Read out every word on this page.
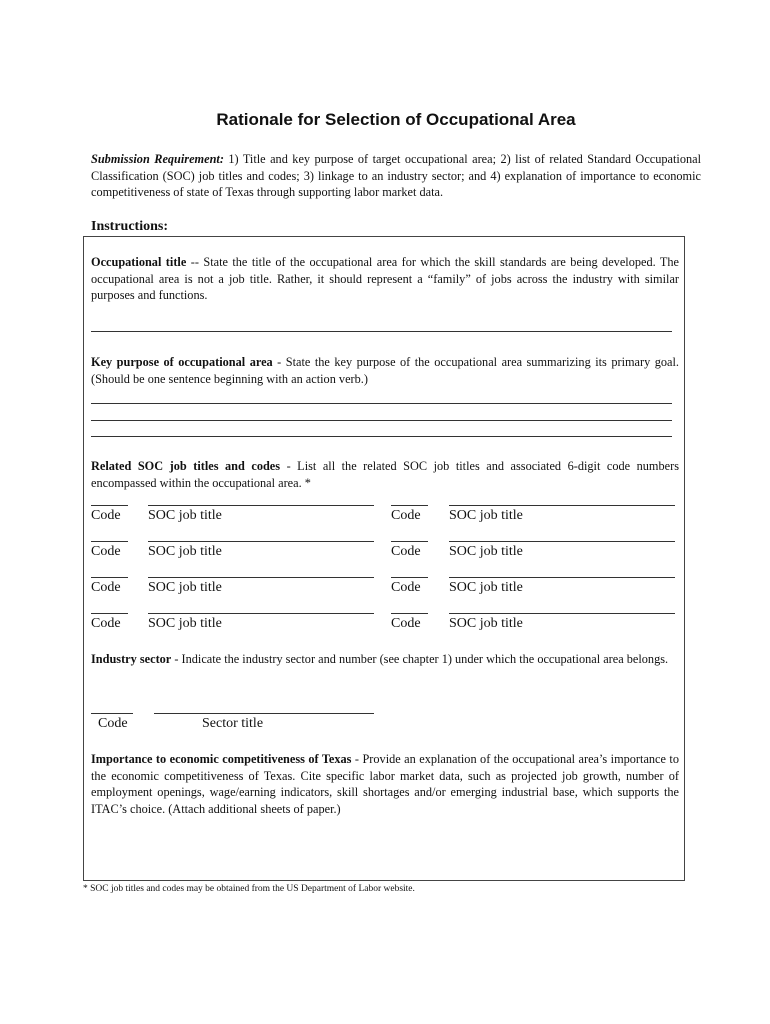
Rationale for Selection of Occupational Area
Submission Requirement: 1) Title and key purpose of target occupational area; 2) list of related Standard Occupational Classification (SOC) job titles and codes; 3) linkage to an industry sector; and 4) explanation of importance to economic competitiveness of state of Texas through supporting labor market data.
Instructions:
Occupational title -- State the title of the occupational area for which the skill standards are being developed. The occupational area is not a job title. Rather, it should represent a “family” of jobs across the industry with similar purposes and functions.
Key purpose of occupational area - State the key purpose of the occupational area summarizing its primary goal. (Should be one sentence beginning with an action verb.)
Related SOC job titles and codes - List all the related SOC job titles and associated 6-digit code numbers encompassed within the occupational area. *
Code SOC job title	Code SOC job title
Code SOC job title	Code SOC job title
Code SOC job title	Code SOC job title
Code SOC job title	Code SOC job title
Industry sector - Indicate the industry sector and number (see chapter 1) under which the occupational area belongs.
Code	Sector title
Importance to economic competitiveness of Texas - Provide an explanation of the occupational area’s importance to the economic competitiveness of Texas. Cite specific labor market data, such as projected job growth, number of employment openings, wage/earning indicators, skill shortages and/or emerging industrial base, which supports the ITAC’s choice. (Attach additional sheets of paper.)
* SOC job titles and codes may be obtained from the US Department of Labor website.
